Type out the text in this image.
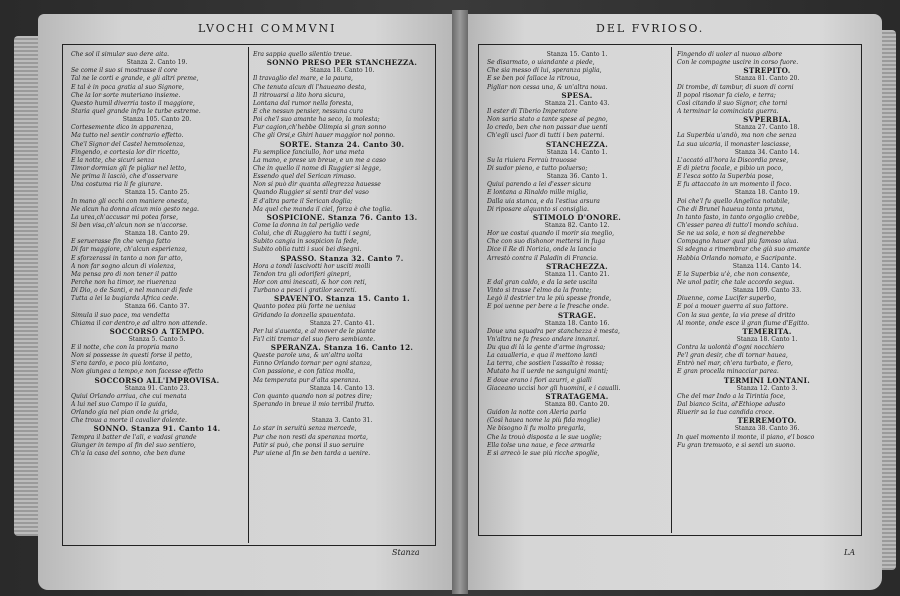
LVOCHI COMMVNI	DEL FVRIOSO.
Che sol il simular suo dere aita.
Stanza 2. Canto 19.
Se come il suo si mostrasse il core
Tal ne le corti e grande, e gli altri preme,
E tal è in poca gratia al suo Signore,
Che la lor sorte muteriano insieme.
Questo humil diverria tosto il maggiore,
Staria quel grande infra le turbe estreme.
Stanza 105. Canto 20.
Cortesemente dico in apparenza,
Ma tutto nel sentir contrario effetto.
Che'l Signor del Castel hemmolenza,
Fingendo, e cortesia lor dir ricetto,
E la notte, che sicuri senza
Timor dormian gli fe pigliar nel letto,
Ne prima li lasciò, che d'osservare
Una costuma ria li fe giurare.
Stanza 15. Canto 25.
In mano gli occhi con maniere onesta,
Ne alcun ha donna alcun mio gesto nega.
La urea,ch'accusar mi potea forse,
Si ben visa,ch'alcun non se n'accorse.
Stanza 18. Canto 29.
E seruerasse fin che venga fatto
Di far maggiore, ch'alcun esperienza,
E sforzerassi in tanto a non far atto,
A non far sogno alcun di violenza,
Ma pensa pro di non tener il patto
Perche non ha timor, ne riuerenza
Di Dio, o de Santi, e nel mancar di fede
Tutta a lei la bugiarda Africa cede.
Stanza 66. Canto 37.
Simula il suo pace, ma vendetta
Chiama il cor dentro,e ad altro non attende.
SOCCORSO A TEMPO.
Stanza 5. Canto 5.
E il notte, che con la propria mano
Non si possesse in questi forse il petto,
S'era tardo, e poco più lontano,
Non giungea a tempo,e non facesse effetto
SOCCORSO ALL'IMPROVISA.
Stanza 91. Canto 23.
Quiui Orlando arriua, che cui menata
A lui nel suo Campo il la guida,
Orlando gia nel pian onde la grida,
Che troua a morte il cavalier dolente.
SONNO. Stanza 91. Canto 14.
Tempra il batter de l'ali, e vadasi grande
Giunger in tempo al fin del suo sentiero,
Ch'a la casa del sonno, che ben dune
Era sappia quello silentio treue.
SONNO PRESO PER STANCHEZZA.
Stanza 18. Canto 10.
Il travaglio del mare, e la paura,
Che tenuta alcun di l'haueano desta,
Il ritrouarsi a lito hora sicura,
Lontana dal rumor nella foresta,
E che nessun pensier, nessuna cura
Poi che'l suo amante ha seco, la molesta;
Fur cagion,ch'hebbe Olimpia sì gran sonno
Che gli Orsi,e Ghiri hauer maggior nol ponno.
SORTE. Stanza 24. Canto 30.
Fu semplice fanciullo, hor una meta
La mano, e prese un breue, e un me a caso
Che in quello il nome di Ruggier si legge,
Essendo quel del Serican rimaso.
Non si può dir quanta allegrezza hauesse
Quando Ruggier si sentì trar del vaso
E d'altra parte il Serican doglia;
Ma quel che manda il ciel, forza è che toglia.
SOSPICIONE. Stanza 76. Canto 13.
Come la donna in tal periglio vede
Colui, che di Ruggiero ha tutti i segni,
Subito cangia in sospicion la fede,
Subito oblia tutti i suoi bei disegni.
SPASSO. Stanza 32. Canto 7.
Hora a tondi lascivotti hor usciti molli
Tendon tra gli odoriferi ginepri,
Hor con ami inescati, & hor con reti,
Turbano a pesci i gratilor secreti.
SPAVENTO. Stanza 15. Canto 1.
Quanto potea più forte ne ueniua
Gridando la donzella spauentata.
Stanza 27. Canto 41.
Per lui s'auenta, e al mover de le piante
Fa'l citi tremar del suo fiero sembiante.
SPERANZA. Stanza 16. Canto 12.
Queste parole una, & un'altra uolta
Fanno Orlando tornar per ogni stanza,
Con passione, e con fatica molta,
Ma temperata pur d'alta speranza.
Stanza 14. Canto 13.
Con quanto quando non si potres dire;
Sperando in breue il mio terribil frutto.
Stanza 3. Canto 31.
Lo star in seruitù senza mercede,
Pur che non resti da speranza morta,
Patir si può, che ponsi il suo seruire
Pur uiene al fin se ben tarda a uenire.
Stanza 15. Canto 1.
Se disarmato, o uiandante a piede,
Che sia messo di lui, speranza piglia,
E se ben poi fallace la ritroua,
Pigliar non cessa una, & un'altra noua.
SPESA.
Stanza 21. Canto 43.
Il ester di Tiberio Imperatore
Non saria stato a tante spese al pegno,
Io credo, ben che non passar due uenti
Ch'egli uscì fuor di tutti i ben paterni.
STANCHEZZA.
Stanza 14. Canto 1.
Su la riuiera Ferraù trouosse
Di sudor pieno, e tutto poluerso;
Stanza 36. Canto 1.
Quiui parendo a lei d'esser sicura
E lontana a Rinaldo mille miglia,
Dalla uia stanca, e da l'estiua arsura
Di riposare alquanto si consiglia.
STIMOLO D'ONORE.
Stanza 82. Canto 12.
Hor ue costui quando il morir sia meglio,
Che con suo dishonor mettersi in fuga
Dice il Re di Norizia, onde la lancia
Arrestò contra il Paladin di Francia.
STRACHEZZA.
Stanza 11. Canto 21.
E dal gran caldo, e da la sete uscita
Vinto si trasse l'elmo da la fronte;
Legò il destrier tra le più spesse fronde,
E poi uenne per bere a le fresche onde.
STRAGE.
Stanza 18. Canto 16.
Doue una squadra per stanchezza è mesta,
Vn'altra ne fa fresco andare innanzi.
Du qua di là la gente d'arme ingrossa;
La caualleria, e qua il mettono lanti
La terra, che sostien l'assalto è rossa;
Mutato ha il uerde ne sanguigni manti;
E doue erano i fiori azurri, e gialli
Giaceano uccisi hor gli huomini, e i caualli.
STRATAGEMA.
Stanza 80. Canto 20.
Guidon la notte con Aleria parla
(Così hauea nome la più fida moglie)
Ne bisogno li fu molto pregarla,
Che la trouò disposta a le sue uoglie;
Ella tolse una naue, e fece armarla
E si arrecò le sue più ricche spoglie,
Fingendo di uoler al nuouo albore
Con le compagne uscire in corso fuore.
STREPITO.
Stanza 81. Canto 20.
Di trombe, di tambur, di suon di corni
Il popol risonar fa cielo, e terra;
Così citando il suo Signor, che torni
A terminar la cominciata guerra.
SVPERBIA.
Stanza 27. Canto 18.
La Superbia u'andò, ma non che senza
La sua uicaria, il monaster lasciasse,
Stanza 34. Canto 14.
L'accató all'hora la Discordia prese,
E di pietra focale, e pibio un poco,
E l'esca sotto la Superbia pose,
E fu attaccato in un momento il foco.
Stanza 18. Canto 19.
Poi che'l fu quello Angelica notabile,
Che di Brunel haueua tonta pruna,
In tanto fasto, in tanto orgoglio crebbe,
Ch'esser parea di tutto'l mondo schiua.
Se ne ua sola, e non si degnerebbe
Compagno hauer qual più famoso uiua.
Si sdegna a rimembrar che già suo amante
Habbia Orlando nomato, e Sacripante.
Stanza 114. Canto 14.
E la Superbia u'è, che non consente,
Ne unol patir, che tale accordo segua.
Stanza 109. Canto 33.
Diuenne, come Lucifer superbo,
E poi a mouer guerra al suo fattore.
Con la sua gente, la via prese al dritto
Al monte, onde esce il gran fiume d'Egitto.
TEMERITA.
Stanza 18. Canto 1.
Contra la uolontà d'ogni nocchiero
Pe'l gran desir, che di tornar hauea,
Entrò nel mar, ch'era turbato, e fiero,
E gran procella minacciar parea.
TERMINI LONTANI.
Stanza 12. Canto 3.
Che del mar Indo a la Tirintia foce,
Dal bianco Scita, al'Ethiope adusto
Riuerir sa la tua candida croce.
TERREMOTO.
Stanza 38. Canto 36.
In quel momento il monte, il piano, e'l bosco
Fu gran tremuoto, e si sentì un suono.
Stanza	LA
